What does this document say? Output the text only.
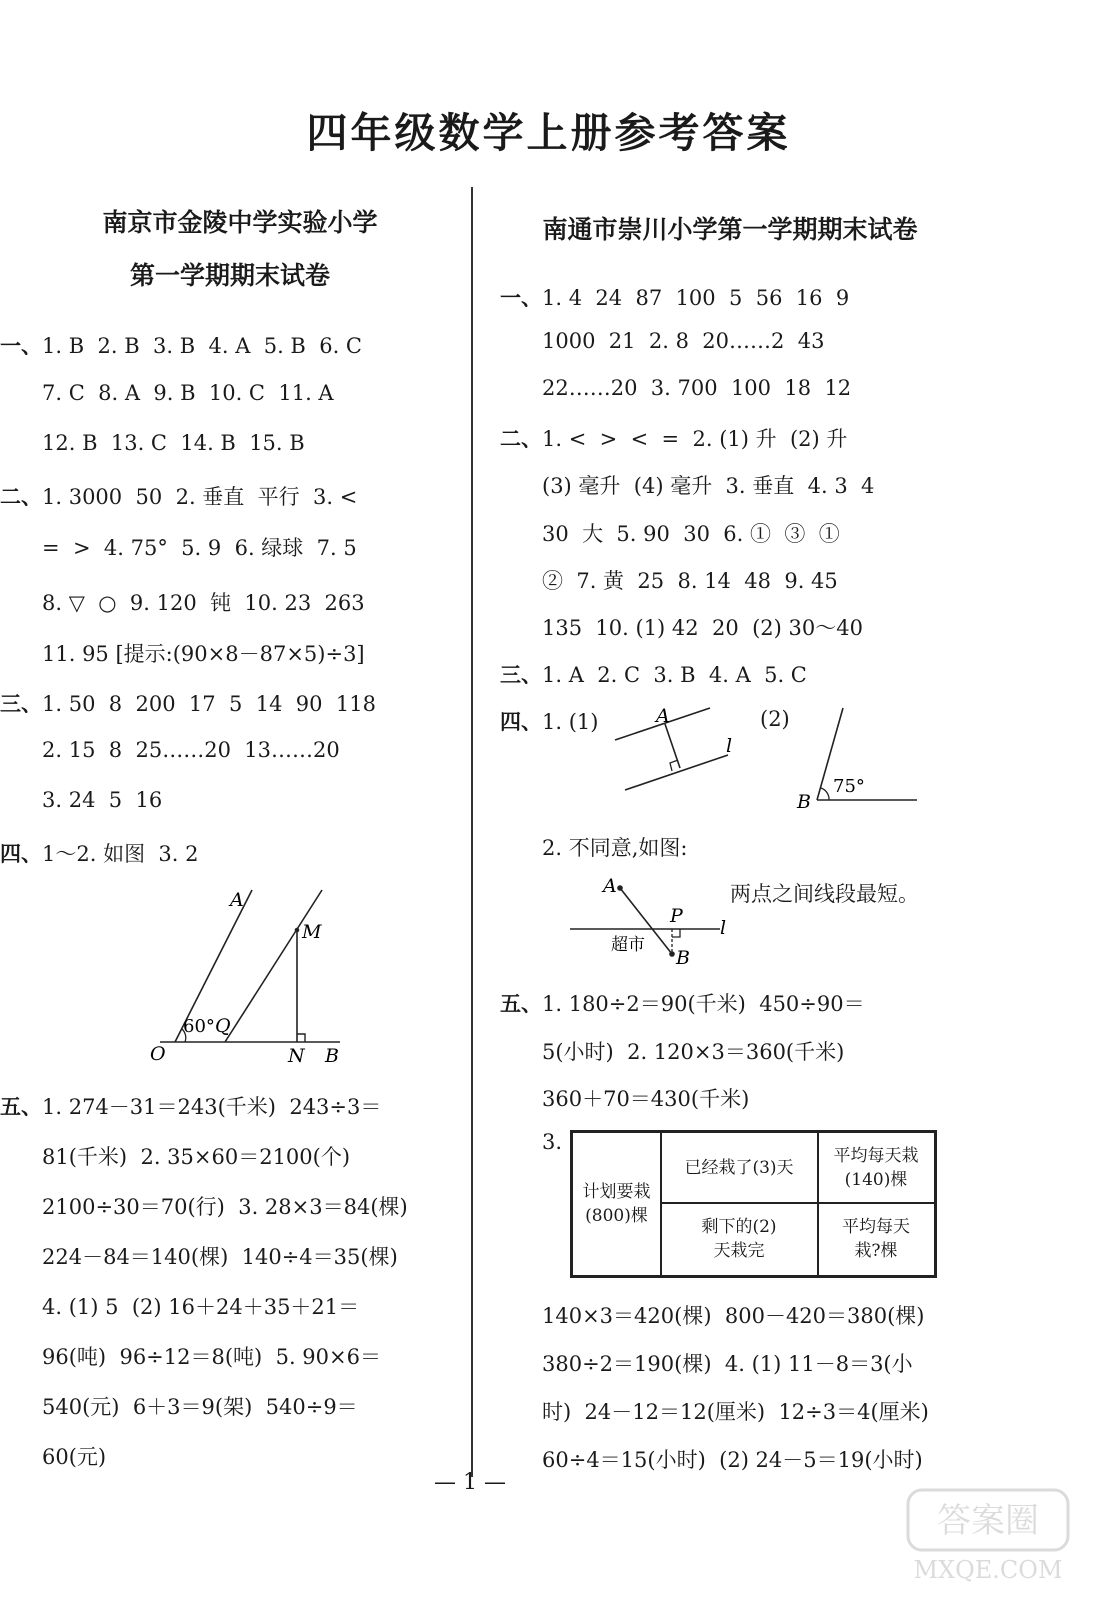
四年级数学上册参考答案
南京市金陵中学实验小学
第一学期期末试卷
一、1. B  2. B  3. B  4. A  5. B  6. C
7. C  8. A  9. B  10. C  11. A
12. B  13. C  14. B  15. B
二、1. 3000  50  2. 垂直  平行  3. <
=  >  4. 75°  5. 9  6. 绿球  7. 5
8. ▽  ○  9. 120  钝  10. 23  263
11. 95 [提示:(90×8－87×5)÷3]
三、1. 50  8  200  17  5  14  90  118
2. 15  8  25……20  13……20
3. 24  5  16
四、1～2. 如图  3. 2
五、1. 274－31＝243(千米)  243÷3＝
81(千米)  2. 35×60＝2100(个)
2100÷30＝70(行)  3. 28×3＝84(棵)
224－84＝140(棵)  140÷4＝35(棵)
4. (1) 5  (2) 16＋24＋35＋21＝
96(吨)  96÷12＝8(吨)  5. 90×6＝
540(元)  6＋3＝9(架)  540÷9＝
60(元)
A
M
60° Q
O	N B
南通市崇川小学第一学期期末试卷
一、1. 4  24  87  100  5  56  16  9
1000  21  2. 8  20……2  43
22……20  3. 700  100  18  12
二、1. <  >  <  =  2. (1) 升  (2) 升
(3) 毫升  (4) 毫升  3. 垂直  4. 3  4
30  大  5. 90  30  6. ①  ③  ①
②  7. 黄  25  8. 14  48  9. 45
135  10. (1) 42  20  (2) 30～40
三、1. A  2. C  3. B  4. A  5. C
四、1. (1)
2. 不同意,如图:
五、1. 180÷2＝90(千米)  450÷90＝
5(小时)  2. 120×3＝360(千米)
360＋70＝430(千米)
3.
140×3＝420(棵)  800－420＝380(棵)
380÷2＝190(棵)  4. (1) 11－8＝3(小
时)  24－12＝12(厘米)  12÷3＝4(厘米)
60÷4＝15(小时)  (2) 24－5＝19(小时)
A
l
(2)
B
75°
A
P
l
超市
B
两点之间线段最短。
计划要栽
(800)棵
已经栽了(3)天
平均每天栽
(140)棵
剩下的(2)
天栽完
平均每天
栽?棵
— 1 —
答案圈
MXQE.COM
